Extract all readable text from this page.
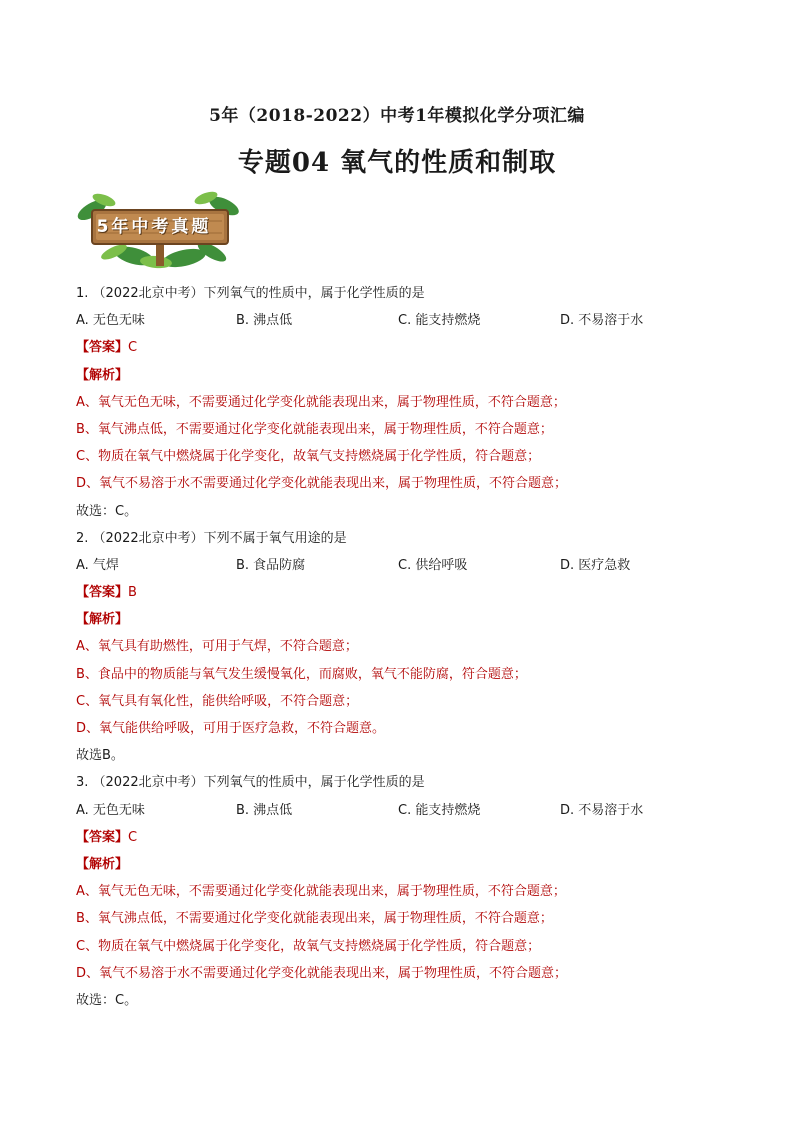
5年（2018-2022）中考1年模拟化学分项汇编
专题04 氧气的性质和制取
5年中考真题
1. （2022北京中考）下列氧气的性质中，属于化学性质的是
A. 无色无味	B. 沸点低	C. 能支持燃烧	D. 不易溶于水
【答案】C
【解析】
A、氧气无色无味，不需要通过化学变化就能表现出来，属于物理性质，不符合题意；
B、氧气沸点低，不需要通过化学变化就能表现出来，属于物理性质，不符合题意；
C、物质在氧气中燃烧属于化学变化，故氧气支持燃烧属于化学性质，符合题意；
D、氧气不易溶于水不需要通过化学变化就能表现出来，属于物理性质，不符合题意；
故选：C。
2. （2022北京中考）下列不属于氧气用途的是
A. 气焊	B. 食品防腐	C. 供给呼吸	D. 医疗急救
【答案】B
【解析】
A、氧气具有助燃性，可用于气焊，不符合题意；
B、食品中的物质能与氧气发生缓慢氧化，而腐败，氧气不能防腐，符合题意；
C、氧气具有氧化性，能供给呼吸，不符合题意；
D、氧气能供给呼吸，可用于医疗急救，不符合题意。
故选B。
3. （2022北京中考）下列氧气的性质中，属于化学性质的是
A. 无色无味	B. 沸点低	C. 能支持燃烧	D. 不易溶于水
【答案】C
【解析】
A、氧气无色无味，不需要通过化学变化就能表现出来，属于物理性质，不符合题意；
B、氧气沸点低，不需要通过化学变化就能表现出来，属于物理性质，不符合题意；
C、物质在氧气中燃烧属于化学变化，故氧气支持燃烧属于化学性质，符合题意；
D、氧气不易溶于水不需要通过化学变化就能表现出来，属于物理性质，不符合题意；
故选：C。
